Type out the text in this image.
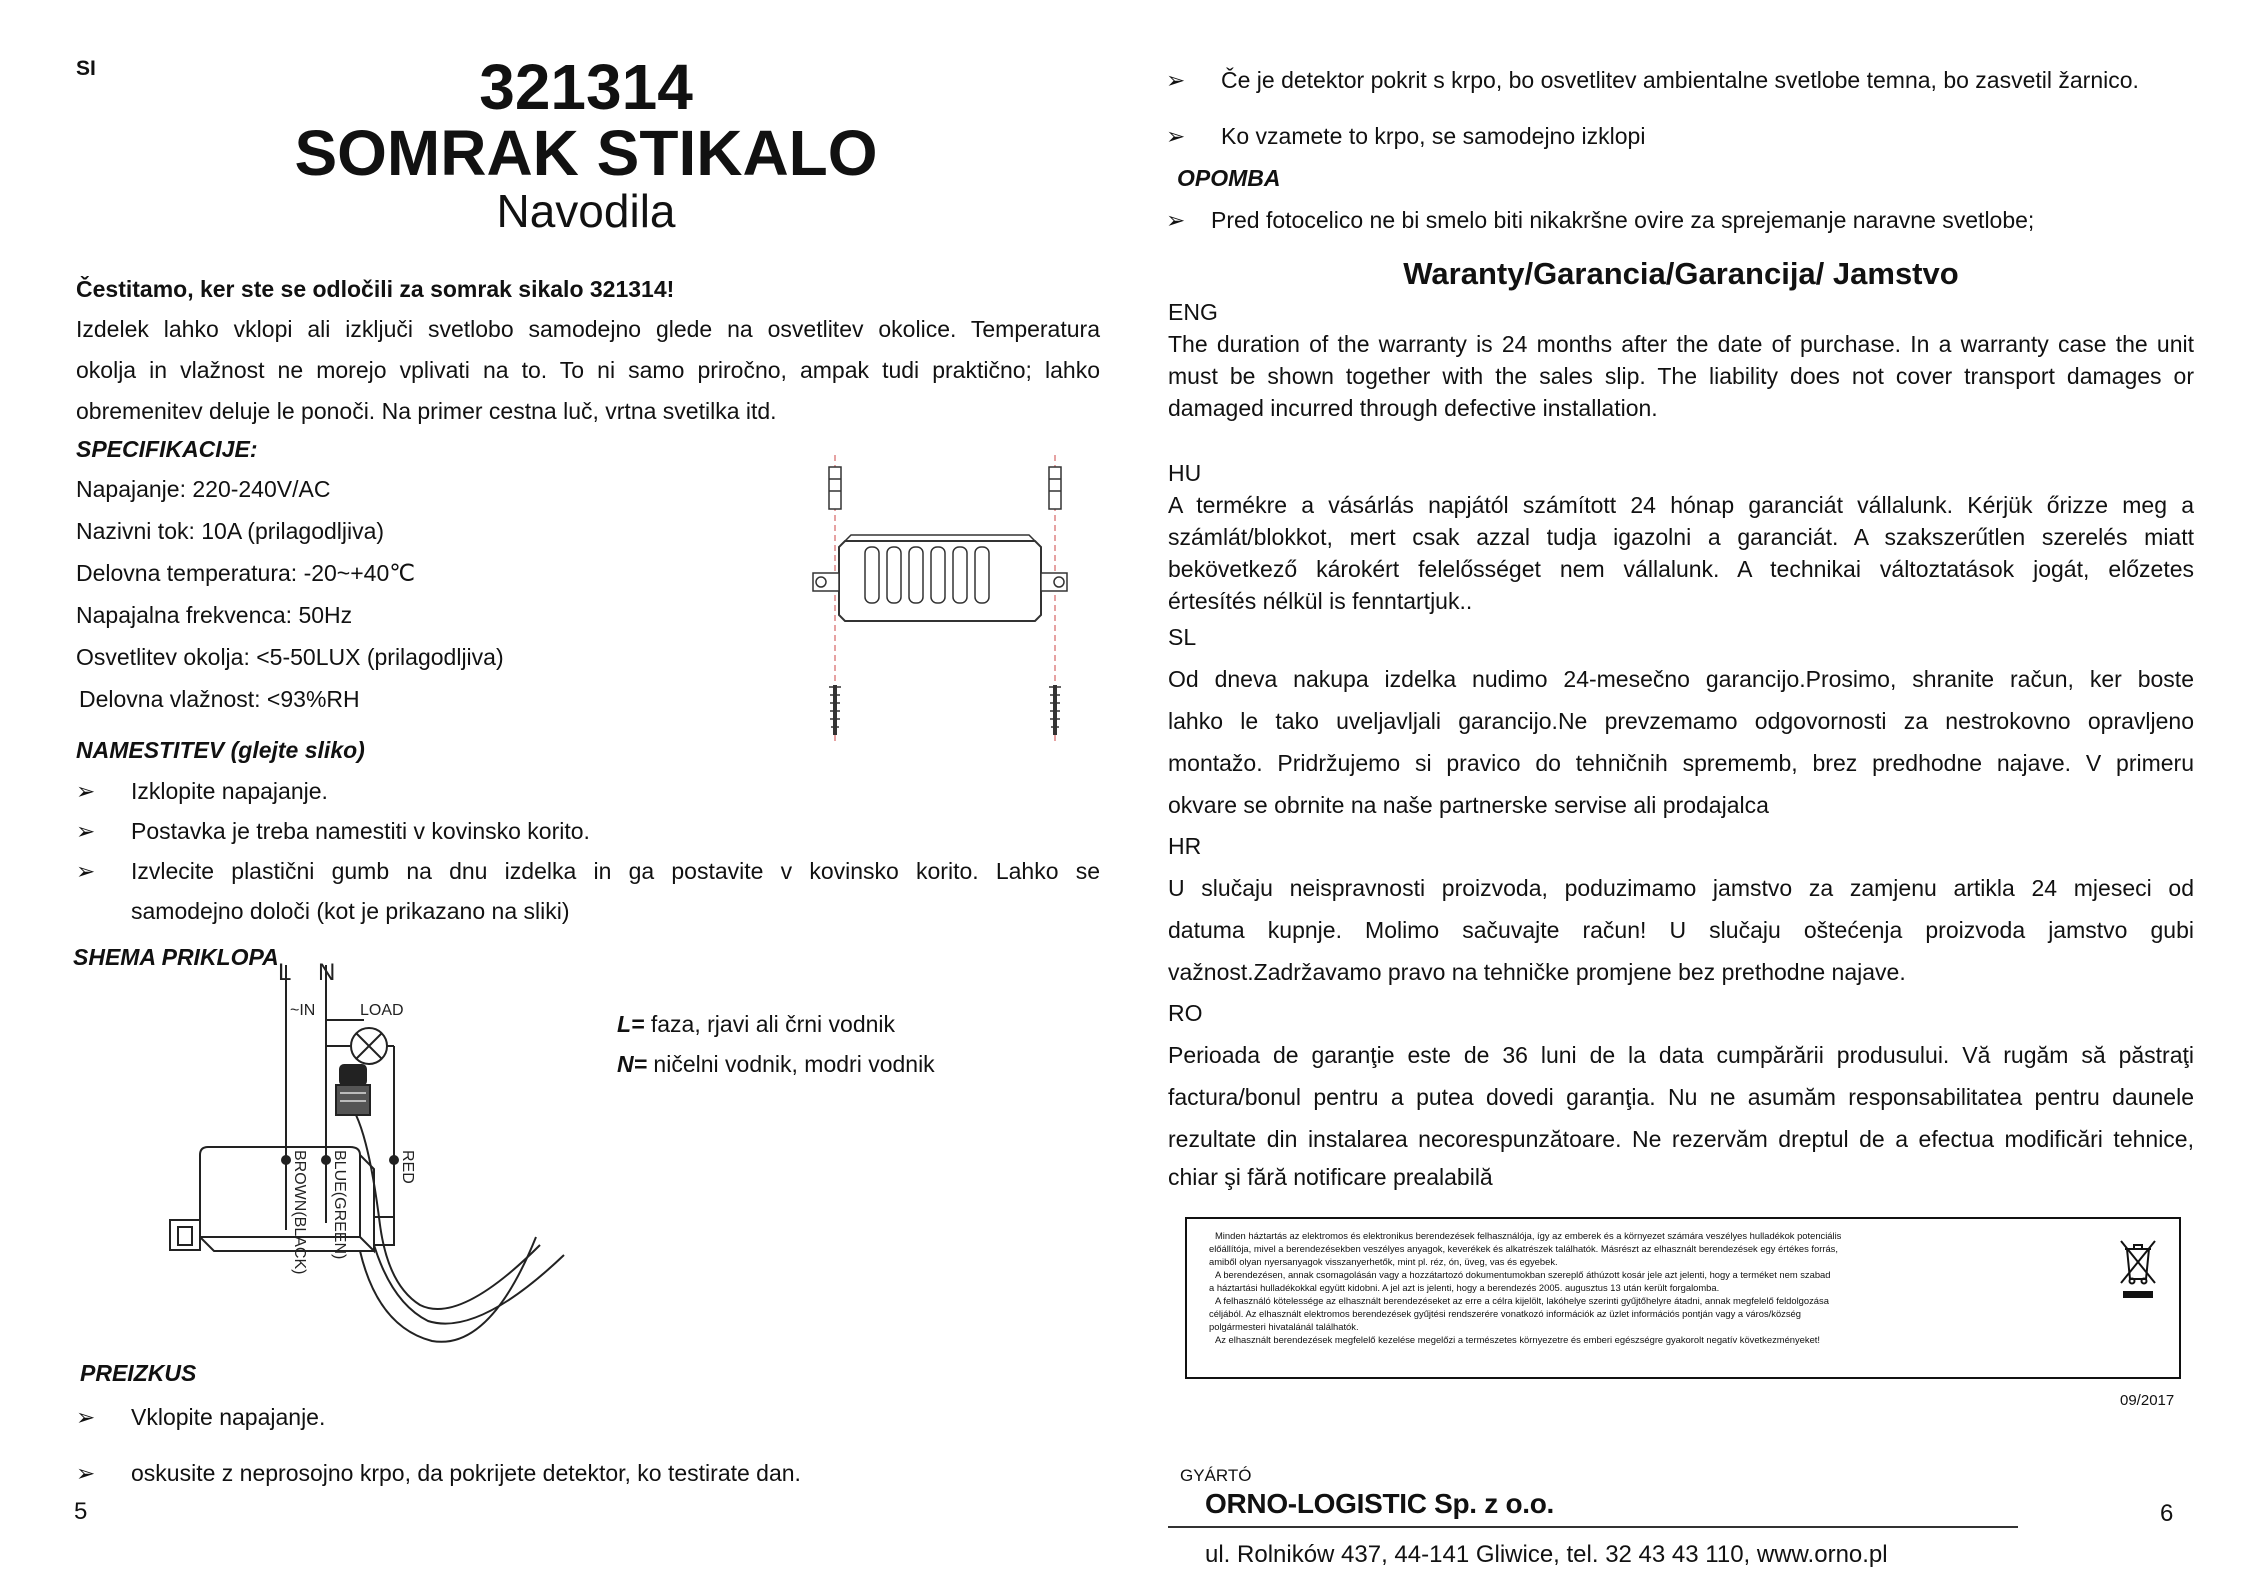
SI	321314
SOMRAK STIKALO
Navodila
Čestitamo, ker ste se odločili za somrak sikalo 321314!
Izdelek lahko vklopi ali izključi svetlobo samodejno glede na osvetlitev okolice. Temperatura
okolja in vlažnost ne morejo vplivati na to. To ni samo priročno, ampak tudi praktično; lahko
obremenitev deluje le ponoči. Na primer cestna luč, vrtna svetilka itd.
SPECIFIKACIJE:
Napajanje: 220-240V/AC
Nazivni tok: 10A (prilagodljiva)
Delovna temperatura: -20~+40℃
Napajalna frekvenca: 50Hz
Osvetlitev okolja: <5-50LUX (prilagodljiva)
Delovna vlažnost: <93%RH
NAMESTITEV (glejte sliko)
➢ Izklopite napajanje.
➢ Postavka je treba namestiti v kovinsko korito.
➢ Izvlecite plastični gumb na dnu izdelka in ga postavite v kovinsko korito. Lahko se
samodejno določi (kot je prikazano na sliki)
SHEMA PRIKLOPA
L N
~IN	LOAD
BROWN(BLACK) BLUE(GREEN)	RED
L= faza, rjavi ali črni vodnik
N= ničelni vodnik, modri vodnik
PREIZKUS
➢ Vklopite napajanje.
➢ oskusite z neprosojno krpo, da pokrijete detektor, ko testirate dan.
5
➢ Če je detektor pokrit s krpo, bo osvetlitev ambientalne svetlobe temna, bo zasvetil žarnico.
➢ Ko vzamete to krpo, se samodejno izklopi
OPOMBA
➢ Pred fotocelico ne bi smelo biti nikakršne ovire za sprejemanje naravne svetlobe;
Waranty/Garancia/Garancija/ Jamstvo
ENG
The duration of the warranty is 24 months after the date of purchase. In a warranty case the unit
must be shown together with the sales slip. The liability does not cover transport damages or
damaged incurred through defective installation.
HU
A termékre a vásárlás napjától számított 24 hónap garanciát vállalunk. Kérjük őrizze meg a
számlát/blokkot, mert csak azzal tudja igazolni a garanciát. A szakszerűtlen szerelés miatt
bekövetkező károkért felelősséget nem vállalunk. A technikai változtatások jogát, előzetes
értesítés nélkül is fenntartjuk..
SL
Od dneva nakupa izdelka nudimo 24-mesečno garancijo.Prosimo, shranite račun, ker boste
lahko le tako uveljavljali garancijo.Ne prevzemamo odgovornosti za nestrokovno opravljeno
montažo. Pridržujemo si pravico do tehničnih sprememb, brez predhodne najave. V primeru
okvare se obrnite na naše partnerske servise ali prodajalca
HR
U slučaju neispravnosti proizvoda, poduzimamo jamstvo za zamjenu artikla 24 mjeseci od
datuma kupnje. Molimo sačuvajte račun! U slučaju oštećenja proizvoda jamstvo gubi
važnost.Zadržavamo pravo na tehničke promjene bez prethodne najave.
RO
Perioada de garanţie este de 36 luni de la data cumpărării produsului. Vă rugăm să păstraţi
factura/bonul pentru a putea dovedi garanţia. Nu ne asumăm responsabilitatea pentru daunele
rezultate din instalarea necorespunzătoare. Ne rezervăm dreptul de a efectua modificări tehnice,
chiar şi fără notificare prealabilă
Minden háztartás az elektromos és elektronikus berendezések felhasználója, így az emberek és a környezet számára veszélyes hulladékok potenciális
előállítója, mivel a berendezésekben veszélyes anyagok, keverékek és alkatrészek találhatók. Másrészt az elhasznált berendezések egy értékes forrás,
amiből olyan nyersanyagok visszanyerhetők, mint pl. réz, ón, üveg, vas és egyebek.
A berendezésen, annak csomagolásán vagy a hozzátartozó dokumentumokban szereplő áthúzott kosár jele azt jelenti, hogy a terméket nem szabad
a háztartási hulladékokkal együtt kidobni. A jel azt is jelenti, hogy a berendezés 2005. augusztus 13 után került forgalomba.
A felhasználó kötelessége az elhasznált berendezéseket az erre a célra kijelölt, lakóhelye szerinti gyűjtőhelyre átadni, annak megfelelő feldolgozása
céljából. Az elhasznált elektromos berendezések gyűjtési rendszerére vonatkozó információk az üzlet információs pontján vagy a város/község
polgármesteri hivatalánál találhatók.
Az elhasznált berendezések megfelelő kezelése megelőzi a természetes környezetre és emberi egészségre gyakorolt negatív következményeket!
09/2017
GYÁRTÓ
ORNO-LOGISTIC Sp. z o.o.
ul. Rolników 437, 44-141 Gliwice, tel. 32 43 43 110, www.orno.pl
6
